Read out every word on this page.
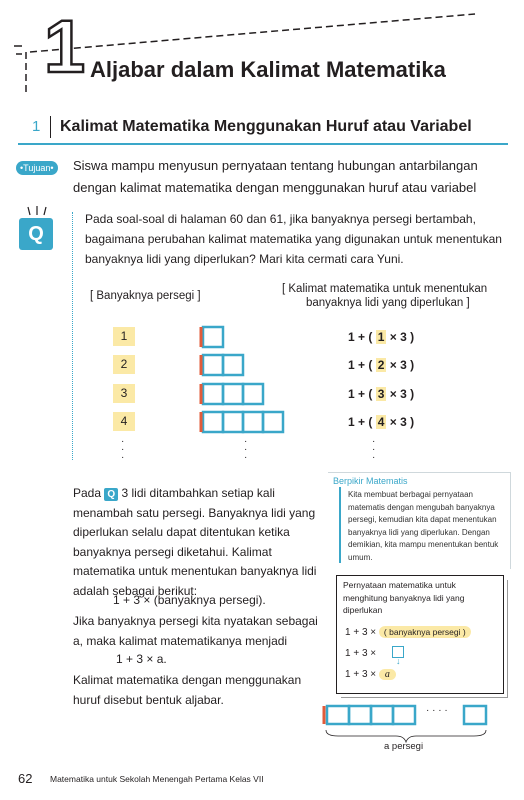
1 Aljabar dalam Kalimat Matematika
1 Kalimat Matematika Menggunakan Huruf atau Variabel
•Tujuan•	Siswa mampu menyusun pernyataan tentang hubungan antarbilangan dengan kalimat matematika dengan menggunakan huruf atau variabel
Q
Pada soal-soal di halaman 60 dan 61, jika banyaknya persegi bertambah, bagaimana perubahan kalimat matematika yang digunakan untuk menentukan banyaknya lidi yang diperlukan? Mari kita cermati cara Yuni.
[ Banyaknya persegi ]
[ Kalimat matematika untuk menentukan
banyaknya lidi yang diperlukan ]
1
2
3
4
1 + ( 1 × 3 )
1 + ( 2 × 3 )
1 + ( 3 × 3 )
1 + ( 4 × 3 )
·
·
·
·
·
·
·
·
·
Pada Q 3 lidi ditambahkan setiap kali menambah satu persegi. Banyaknya lidi yang diperlukan selalu dapat ditentukan ketika banyaknya persegi diketahui. Kalimat matematika untuk menentukan banyaknya lidi adalah sebagai berikut:
1 + 3 × (banyaknya persegi).
Jika banyaknya persegi kita nyatakan sebagai a, maka kalimat matematikanya menjadi
1 + 3 × a.
Kalimat matematika dengan menggunakan huruf disebut bentuk aljabar.
Berpikir Matematis
Kita membuat berbagai pernyataan matematis dengan mengubah banyaknya persegi, kemudian kita dapat menentukan banyaknya lidi yang diperlukan. Dengan demikian, kita mampu menentukan bentuk umum.
Pernyataan matematika untuk menghitung banyaknya lidi yang diperlukan
1 + 3 × ( banyaknya persegi )
1 + 3 ×
↓
1 + 3 × a
· · · ·
a persegi
62 Matematika untuk Sekolah Menengah Pertama Kelas VII
